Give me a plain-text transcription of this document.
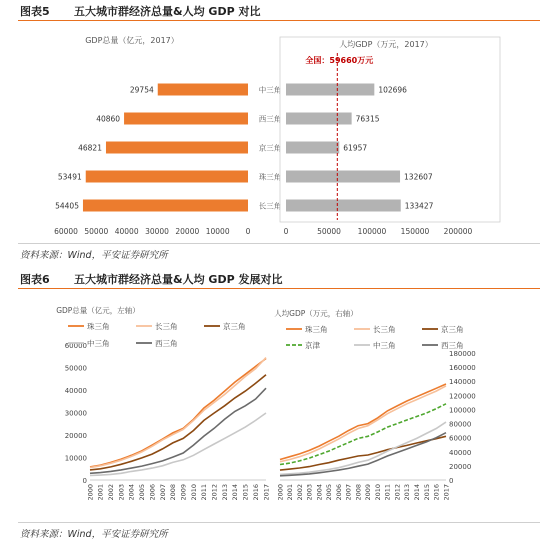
图表5 五大城市群经济总量&人均 GDP 对比
GDP总量（亿元，2017）
60000 50000 40000 30000 20000 10000 0
29754
40860
46821
53491
54405
中三角
西三角
京三角
珠三角
长三角
人均GDP（万元，2017）
0	50000 100000 150000 200000
102696
76315
61957
132607
133427
全国：59660万元
资料来源：Wind，平安证券研究所
图表6 五大城市群经济总量&人均 GDP 发展对比
0
10000
20000
30000
40000
50000
60000
2000 2001 2002 2003 2004 2005 2006 2007 2008 2009 2010 2011 2012 2013 2014 2015 2016 2017
GDP总量（亿元，左轴）
珠三角	长三角	京三角
中三角	西三角
0
20000
40000
60000
80000
100000
120000
140000
160000
180000
2000 2001 2002 2003 2004 2005 2006 2007 2008 2009 2010 2011 2012 2013 2014 2015 2016 2017
人均GDP（万元，右轴）
珠三角	长三角	京三角
京津	中三角	西三角
资料来源：Wind，平安证券研究所
